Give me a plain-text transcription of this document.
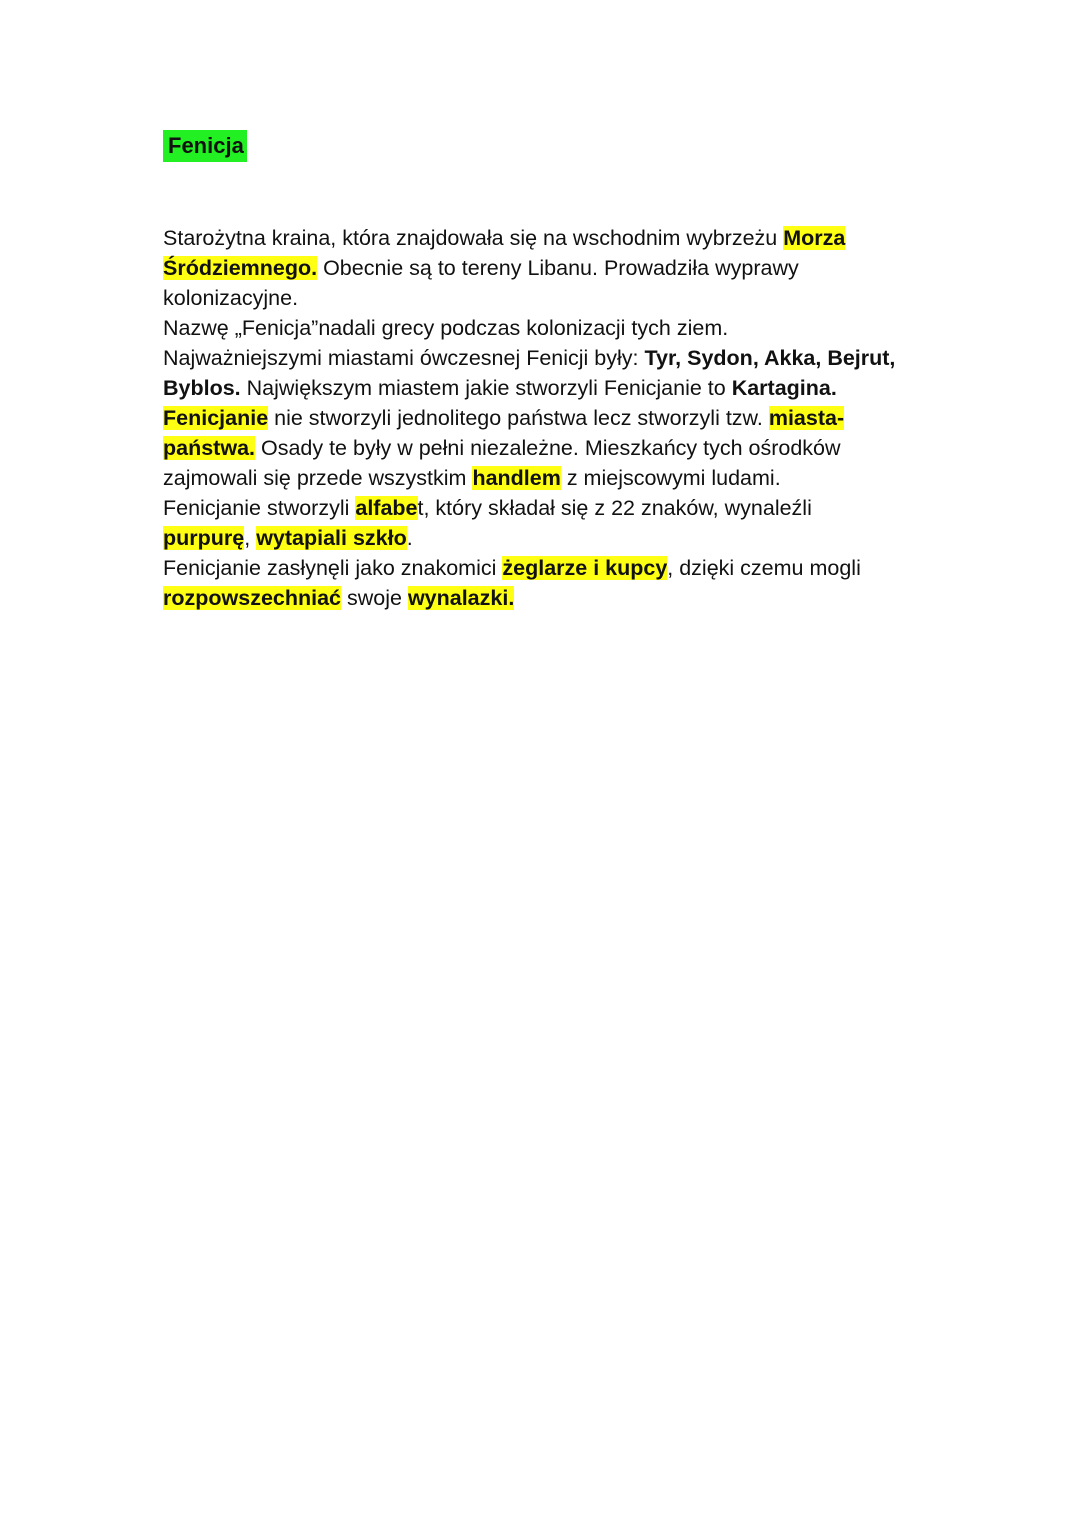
Fenicja
Starożytna kraina, która znajdowała się na wschodnim wybrzeżu Morza
Śródziemnego. Obecnie są to tereny Libanu. Prowadziła wyprawy
kolonizacyjne.
Nazwę „Fenicja”nadali grecy podczas kolonizacji tych ziem.
Najważniejszymi miastami ówczesnej Fenicji były: Tyr, Sydon, Akka, Bejrut,
Byblos. Największym miastem jakie stworzyli Fenicjanie to Kartagina.
Fenicjanie nie stworzyli jednolitego państwa lecz stworzyli tzw. miasta-
państwa. Osady te były w pełni niezależne. Mieszkańcy tych ośrodków
zajmowali się przede wszystkim handlem z miejscowymi ludami.
Fenicjanie stworzyli alfabet, który składał się z 22 znaków, wynaleźli
purpurę, wytapiali szkło.
Fenicjanie zasłynęli jako znakomici żeglarze i kupcy, dzięki czemu mogli
rozpowszechniać swoje wynalazki.
